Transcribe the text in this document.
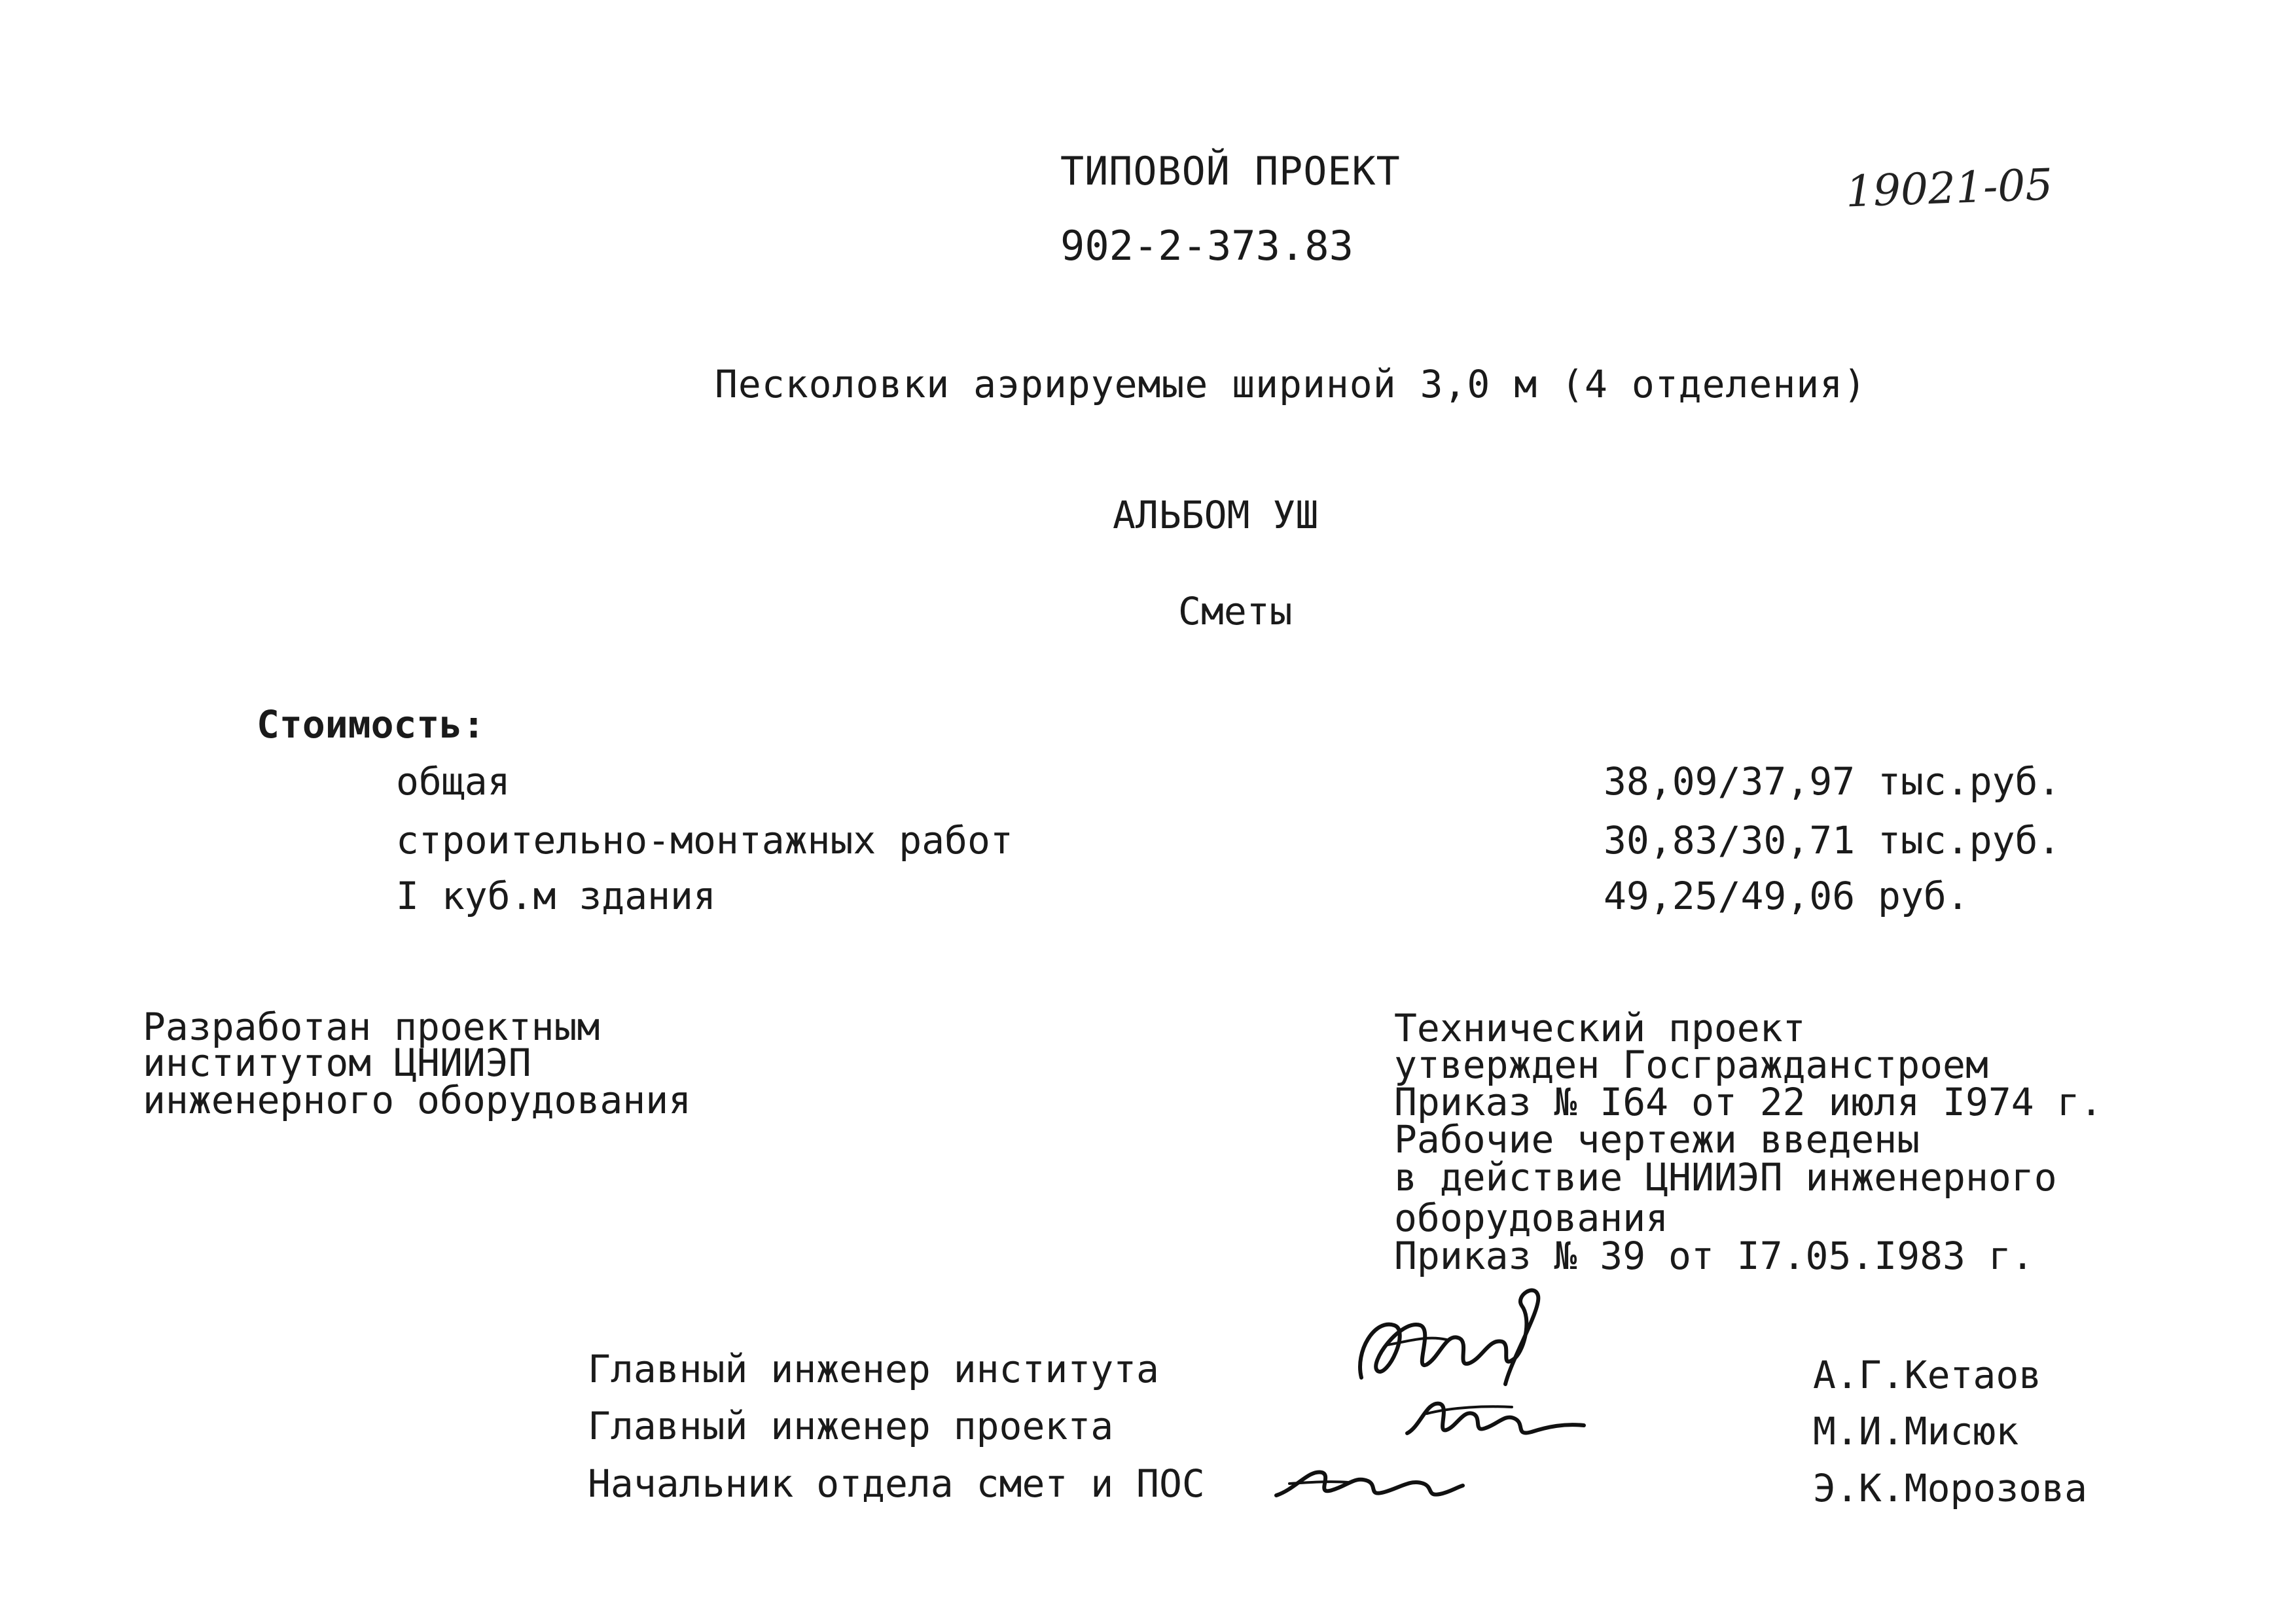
ТИПОВОЙ ПРОЕКТ
902-2-373.83
19021-05
Песколовки аэрируемые шириной 3,0 м (4 отделения)
АЛЬБОМ УШ
Сметы
Стоимость:
общая
строительно-монтажных работ
I куб.м здания
38,09/37,97 тыс.руб.
30,83/30,71 тыс.руб.
49,25/49,06 руб.
Разработан проектным
институтом ЦНИИЭП
инженерного оборудования
Технический проект
утвержден Госгражданстроем
Приказ № I64 от 22 июля I974 г.
Рабочие чертежи введены
в действие ЦНИИЭП инженерного
оборудования
Приказ № 39 от I7.05.I983 г.
Главный инженер института
Главный инженер проекта
Начальник отдела смет и ПОС
А.Г.Кетаов
М.И.Мисюк
Э.К.Морозова
